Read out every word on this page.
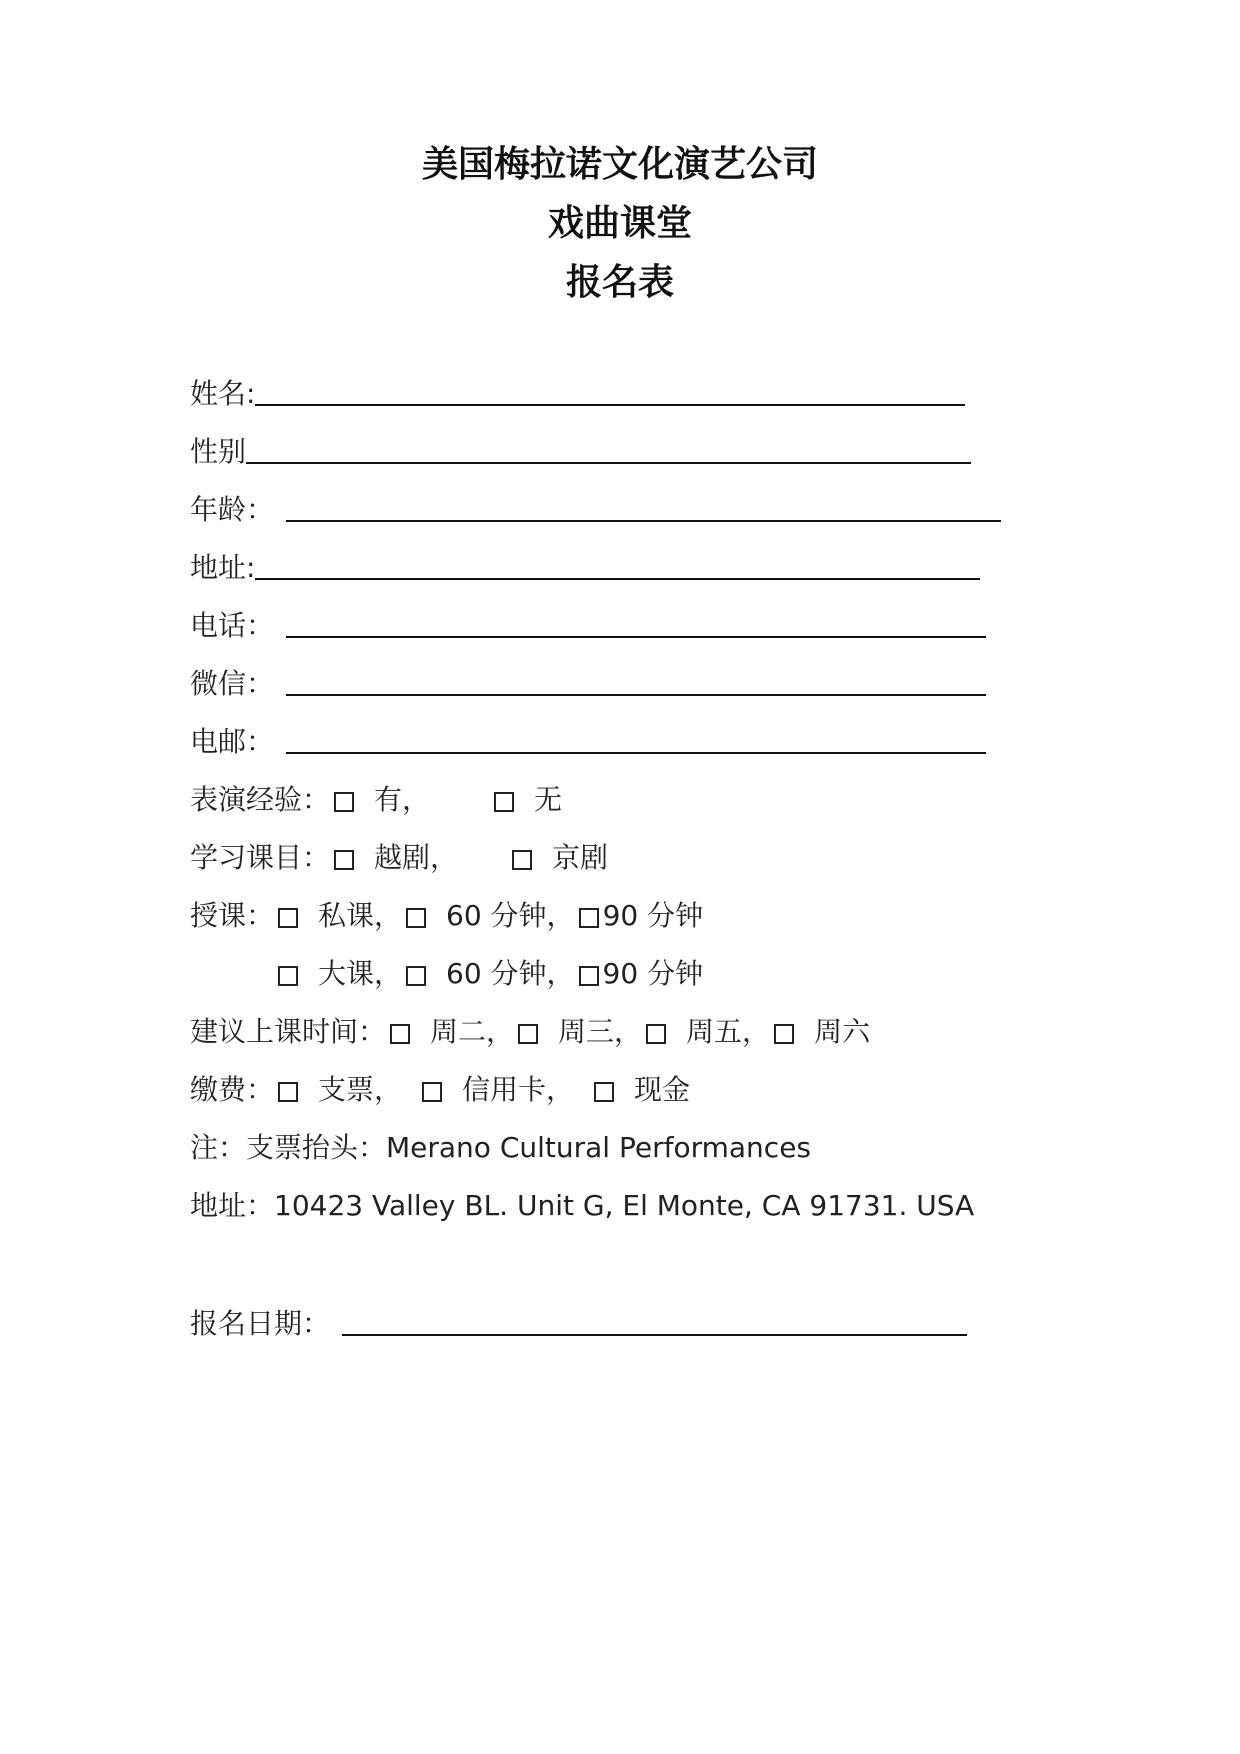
美国梅拉诺文化演艺公司
戏曲课堂
报名表
姓名:
性别
年龄：
地址:
电话：
微信：
电邮：
表演经验： 有，	无
学习课目： 越剧，	京剧
授课： 私课， 60 分钟， 90 分钟
大课， 60 分钟， 90 分钟
建议上课时间： 周二， 周三， 周五， 周六
缴费： 支票， 信用卡， 现金
注：支票抬头：Merano Cultural Performances
地址：10423 Valley BL. Unit G, El Monte, CA 91731. USA
报名日期：
